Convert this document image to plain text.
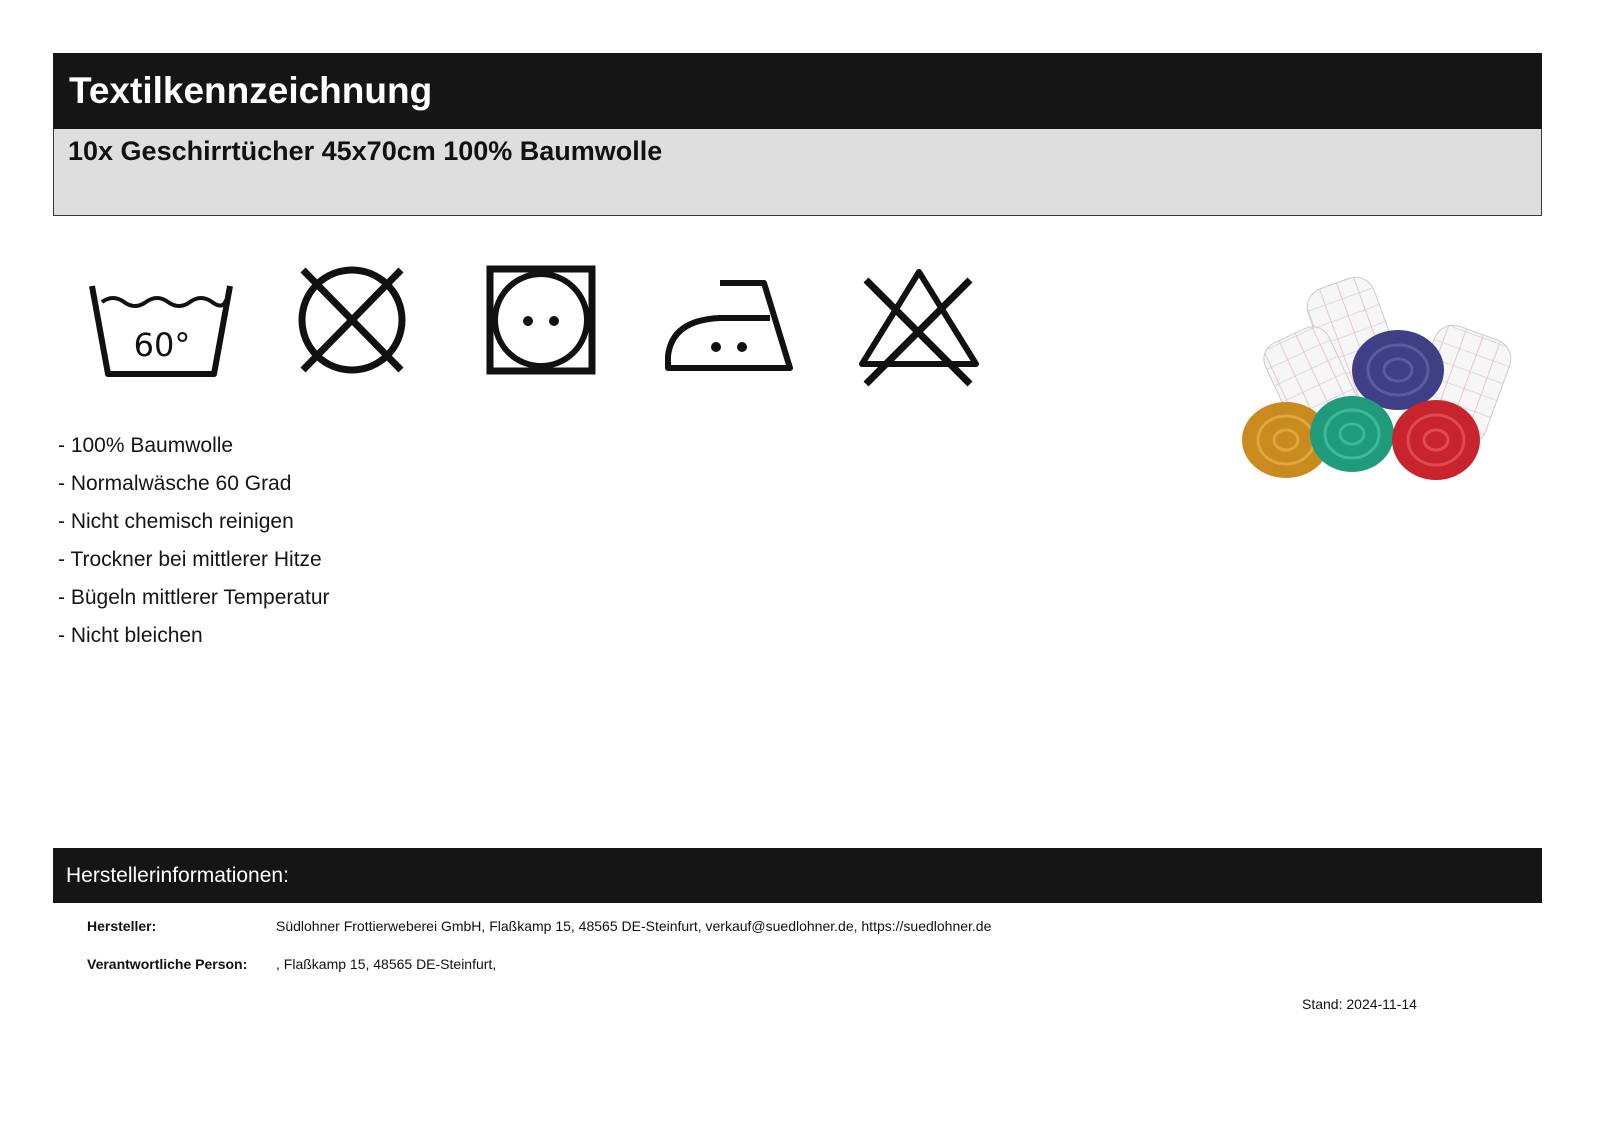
Textilkennzeichnung
10x Geschirrtücher 45x70cm 100% Baumwolle
60°
- 100% Baumwolle
- Normalwäsche 60 Grad
- Nicht chemisch reinigen
- Trockner bei mittlerer Hitze
- Bügeln mittlerer Temperatur
- Nicht bleichen
Herstellerinformationen:
Hersteller:	Südlohner Frottierweberei GmbH, Flaßkamp 15, 48565 DE-Steinfurt, verkauf@suedlohner.de, https://suedlohner.de
Verantwortliche Person: , Flaßkamp 15, 48565 DE-Steinfurt,
Stand: 2024-11-14
